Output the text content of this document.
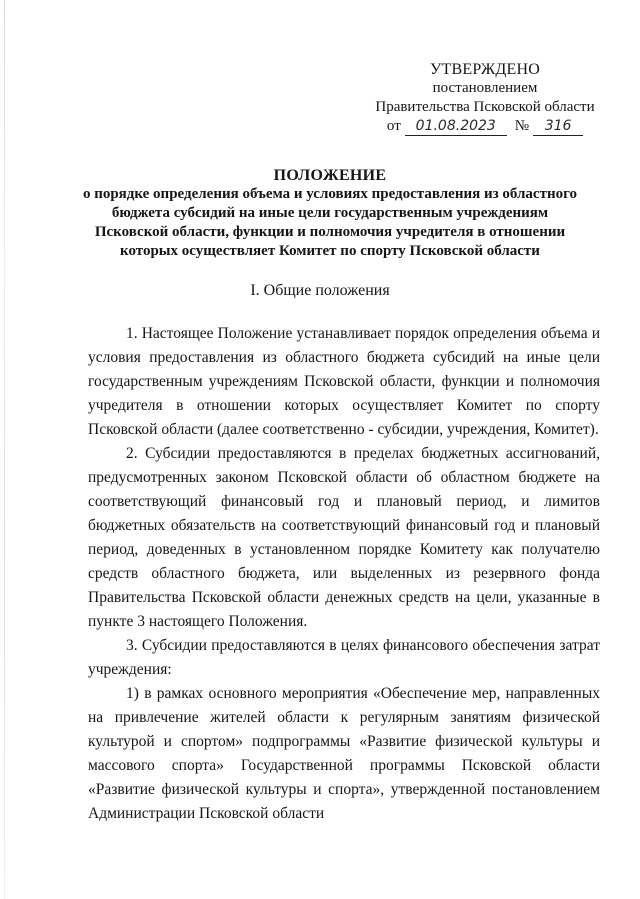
УТВЕРЖДЕНО
постановлением
Правительства Псковской области
от	01.08.2023	№	316
ПОЛОЖЕНИЕ
о порядке определения объема и условиях предоставления из областного бюджета субсидий на иные цели государственным учреждениям Псковской области, функции и полномочия учредителя в отношении которых осуществляет Комитет по спорту Псковской области
I. Общие положения

1. Настоящее Положение устанавливает порядок определения объема и условия предоставления из областного бюджета субсидий на иные цели государственным учреждениям Псковской области, функции и полномочия учредителя в отношении которых осуществляет Комитет по спорту Псковской области (далее соответственно - субсидии, учреждения, Комитет).

2. Субсидии предоставляются в пределах бюджетных ассигнований, предусмотренных законом Псковской области об областном бюджете на соответствующий финансовый год и плановый период, и лимитов бюджетных обязательств на соответствующий финансовый год и плановый период, доведенных в установленном порядке Комитету как получателю средств областного бюджета, или выделенных из резервного фонда Правительства Псковской области денежных средств на цели, указанные в пункте 3 настоящего Положения.

3. Субсидии предоставляются в целях финансового обеспечения затрат учреждения:

1) в рамках основного мероприятия «Обеспечение мер, направленных на привлечение жителей области к регулярным занятиям физической культурой и спортом» подпрограммы «Развитие физической культуры и массового спорта» Государственной программы Псковской области «Развитие физической культуры и спорта», утвержденной постановлением Администрации Псковской области
